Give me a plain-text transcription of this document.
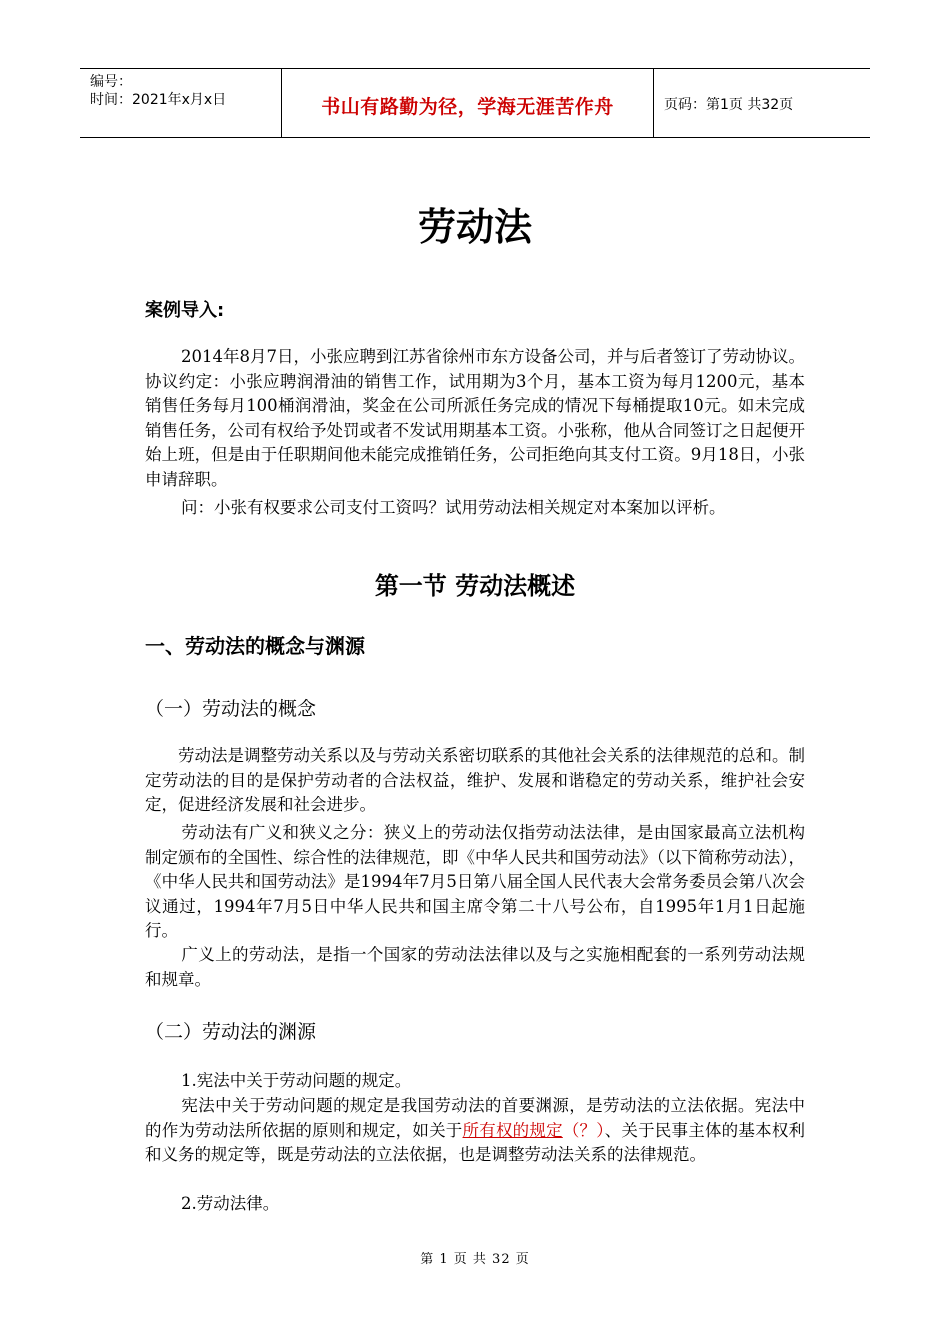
编号：
时间：2021年x月x日	书山有路勤为径，学海无涯苦作舟	页码：第1页 共32页
劳动法
案例导入:
2014年8月7日，小张应聘到江苏省徐州市东方设备公司，并与后者签订了劳动协议。协议约定：小张应聘润滑油的销售工作，试用期为3个月，基本工资为每月1200元，基本销售任务每月100桶润滑油，奖金在公司所派任务完成的情况下每桶提取10元。如未完成销售任务，公司有权给予处罚或者不发试用期基本工资。小张称，他从合同签订之日起便开始上班，但是由于任职期间他未能完成推销任务，公司拒绝向其支付工资。9月18日，小张申请辞职。
问：小张有权要求公司支付工资吗？试用劳动法相关规定对本案加以评析。
第一节 劳动法概述
一、劳动法的概念与渊源
（一）劳动法的概念
劳动法是调整劳动关系以及与劳动关系密切联系的其他社会关系的法律规范的总和。制定劳动法的目的是保护劳动者的合法权益，维护、发展和谐稳定的劳动关系，维护社会安定，促进经济发展和社会进步。
劳动法有广义和狭义之分：狭义上的劳动法仅指劳动法法律，是由国家最高立法机构制定颁布的全国性、综合性的法律规范，即《中华人民共和国劳动法》（以下简称劳动法），《中华人民共和国劳动法》是1994年7月5日第八届全国人民代表大会常务委员会第八次会议通过，1994年7月5日中华人民共和国主席令第二十八号公布，自1995年1月1日起施行。
广义上的劳动法，是指一个国家的劳动法法律以及与之实施相配套的一系列劳动法规和规章。
（二）劳动法的渊源
1.宪法中关于劳动问题的规定。
宪法中关于劳动问题的规定是我国劳动法的首要渊源，是劳动法的立法依据。宪法中的作为劳动法所依据的原则和规定，如关于所有权的规定（？）、关于民事主体的基本权利和义务的规定等，既是劳动法的立法依据，也是调整劳动法关系的法律规范。
2.劳动法律。
第 1 页 共 32 页
